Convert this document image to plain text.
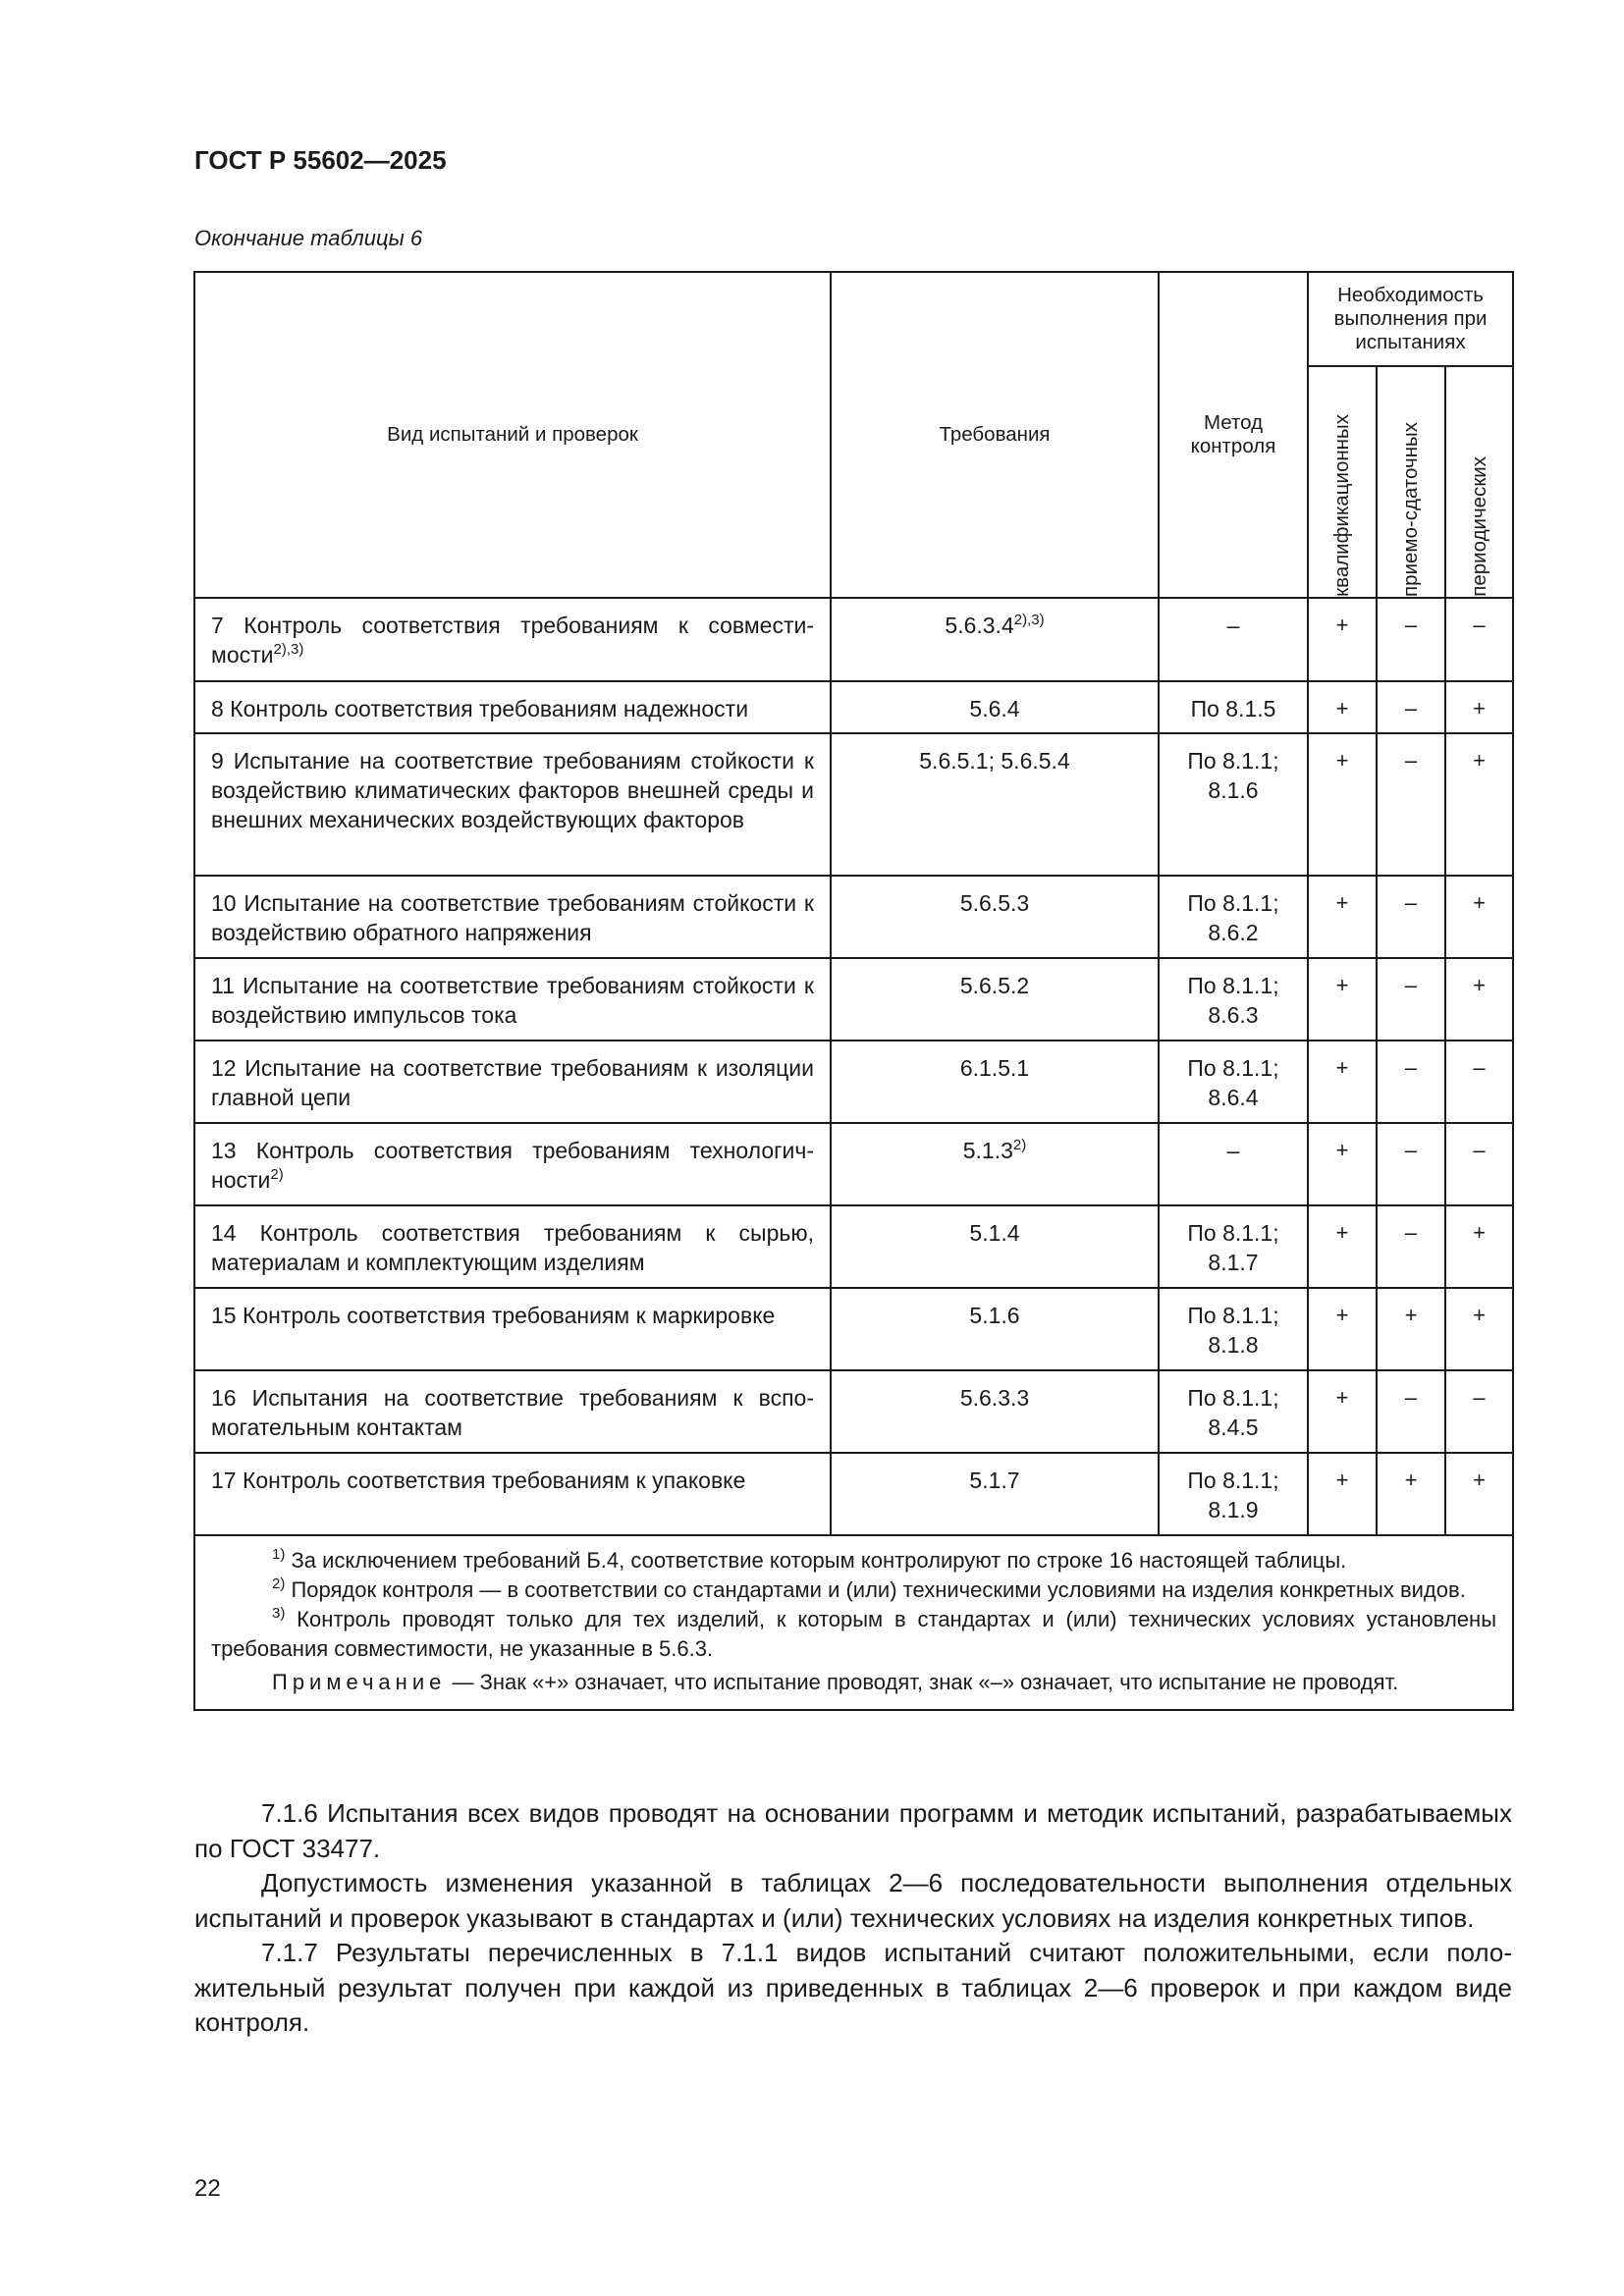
ГОСТ Р 55602—2025
Окончание таблицы 6
Вид испытаний и проверок	Требования	Метод контроля	Необходимость выполнения при испытаниях		

			квалификационных	приемо-сдаточных	периодических

7 Контроль соответствия требованиям к совместимости$^{2),3)}$	$5.6.3.4^{2),3)}$	–	+	–	–
8 Контроль соответствия требованиям надежности	5.6.4	По 8.1.5	+	–	+
9 Испытание на соответствие требованиям стойкости к воздействию климатических факторов внешней среды и внешних механических воздействующих факторов	5.6.5.1; 5.6.5.4	По 8.1.1; 8.1.6	+	–	+
10 Испытание на соответствие требованиям стойкости к воздействию обратного напряжения	5.6.5.3	По 8.1.1; 8.6.2	+	–	+
11 Испытание на соответствие требованиям стойкости к воздействию импульсов тока	5.6.5.2	По 8.1.1; 8.6.3	+	–	+
12 Испытание на соответствие требованиям к изоляции главной цепи	6.1.5.1	По 8.1.1; 8.6.4	+	–	–
13 Контроль соответствия требованиям технологичности$^{2)}$	5.1.3$^{2)}$	–	+	–	–
14 Контроль соответствия требованиям к сырью, материалам и комплектующим изделиям	5.1.4	По 8.1.1; 8.1.7	+	–	+
15 Контроль соответствия требованиям к маркировке	5.1.6	По 8.1.1; 8.1.8	+	+	+
16 Испытания на соответствие требованиям к вспомогательным контактам	5.6.3.3	По 8.1.1; 8.4.5	+	–	–
17 Контроль соответствия требованиям к упаковке	5.1.7	По 8.1.1; 8.1.9	+	+	+

$^{1)}$ За исключением требований Б.4, соответствие которым контролируют по строке 16 настоящей таблицы.

$^{2)}$ Порядок контроля — в соответствии со стандартами и (или) техническими условиями на изделия конкретных видов.

$^{3)}$ Контроль проводят только для тех изделий, к которым в стандартах и (или) технических условиях установлены требования совместимости, не указанные в 5.6.3.

Примечание — Знак «+» означает, что испытание проводят, знак «–» означает, что испытание не проводят.					

7.1.6 Испытания всех видов проводят на основании программ и методик испытаний, разрабатываемых по ГОСТ 33477.

Допустимость изменения указанной в таблицах 2—6 последовательности выполнения отдельных испытаний и проверок указывают в стандартах и (или) технических условиях на изделия конкретных типов.

7.1.7 Результаты перечисленных в 7.1.1 видов испытаний считают положительными, если положительный результат получен при каждой из приведенных в таблицах 2—6 проверок и при каждом виде контроля.

22
